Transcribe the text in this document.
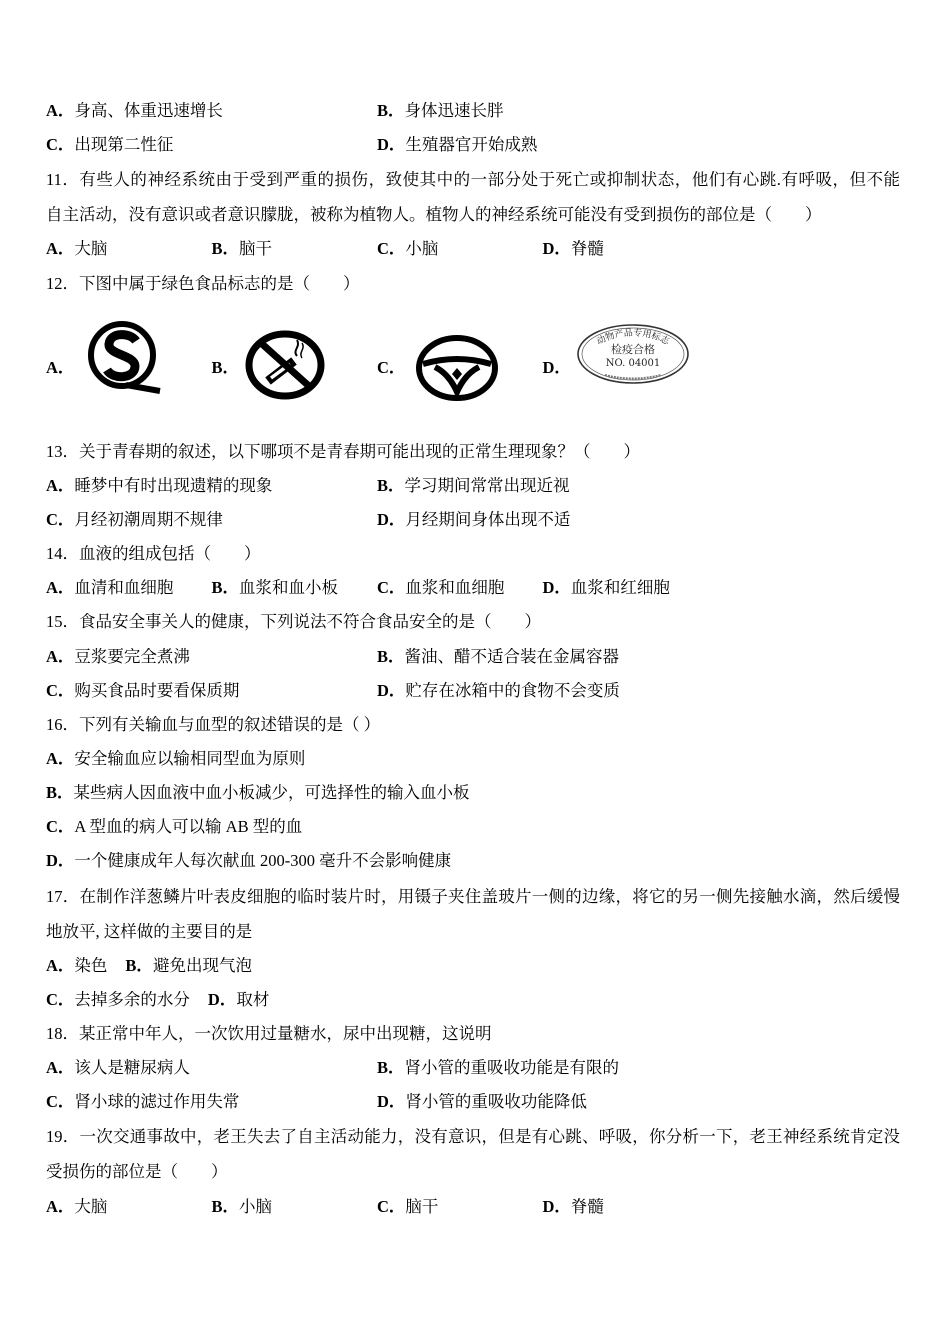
A．身高、体重迅速增长	B．身体迅速长胖
C．出现第二性征	D．生殖器官开始成熟
11．有些人的神经系统由于受到严重的损伤，致使其中的一部分处于死亡或抑制状态，他们有心跳.有呼吸，但不能
自主活动，没有意识或者意识朦胧，被称为植物人。植物人的神经系统可能没有受到损伤的部位是（　　）
A．大脑	B．脑干	C．小脑	D．脊髓
12．下图中属于绿色食品标志的是（　　）
A．	B．	C．	D．
动物产品专用标志
检疫合格
NO. 04001
13．关于青春期的叙述，以下哪项不是青春期可能出现的正常生理现象？（　　）
A．睡梦中有时出现遗精的现象	B．学习期间常常出现近视
C．月经初潮周期不规律	D．月经期间身体出现不适
14．血液的组成包括（　　）
A．血清和血细胞 B．血浆和血小板 C．血浆和血细胞 D．血浆和红细胞
15．食品安全事关人的健康，下列说法不符合食品安全的是（　　）
A．豆浆要完全煮沸	B．酱油、醋不适合装在金属容器
C．购买食品时要看保质期	D．贮存在冰箱中的食物不会变质
16．下列有关输血与血型的叙述错误的是（ ）
A．安全输血应以输相同型血为原则
B．某些病人因血液中血小板减少，可选择性的输入血小板
C．A 型血的病人可以输 AB 型的血
D．一个健康成年人每次献血 200-300 毫升不会影响健康
17．在制作洋葱鳞片叶表皮细胞的临时装片时，用镊子夹住盖玻片一侧的边缘，将它的另一侧先接触水滴，然后缓慢
地放平, 这样做的主要目的是
A．染色 B．避免出现气泡
C．去掉多余的水分 D．取材
18．某正常中年人，一次饮用过量糖水，尿中出现糖，这说明
A．该人是糖尿病人	B．肾小管的重吸收功能是有限的
C．肾小球的滤过作用失常	D．肾小管的重吸收功能降低
19．一次交通事故中，老王失去了自主活动能力，没有意识，但是有心跳、呼吸，你分析一下，老王神经系统肯定没
受损伤的部位是（　　）
A．大脑	B．小脑	C．脑干	D．脊髓
